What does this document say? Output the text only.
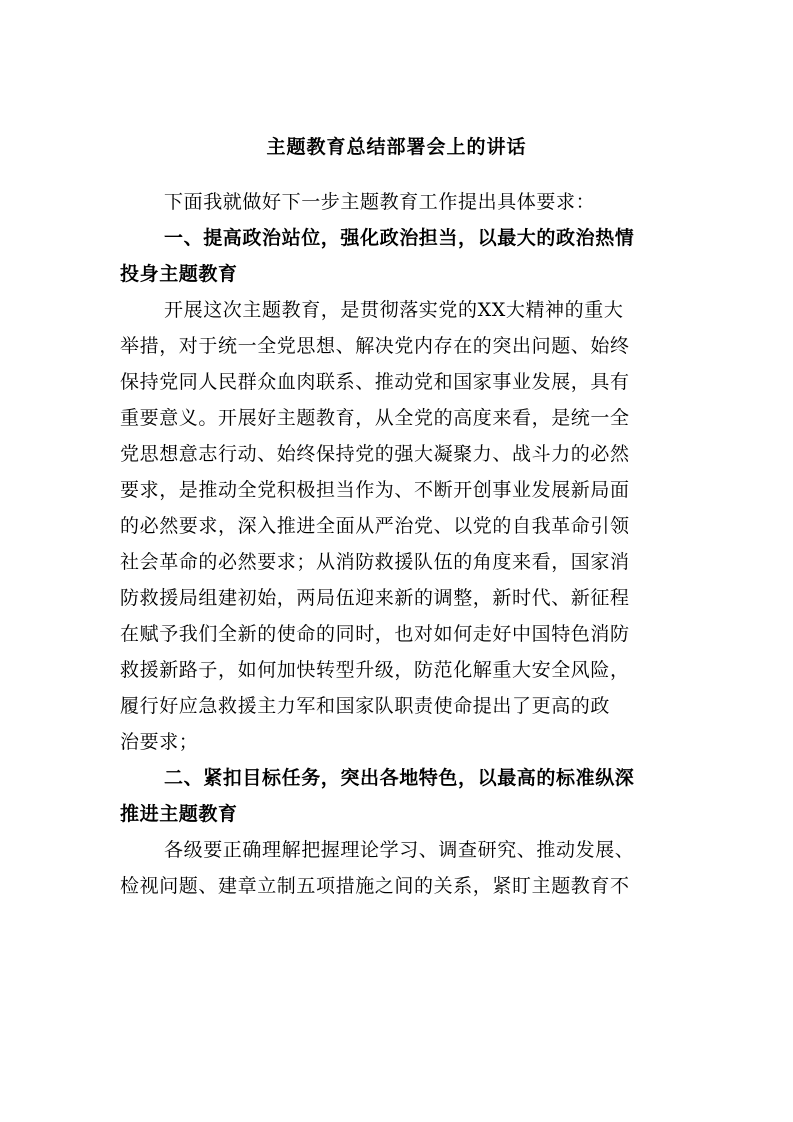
主题教育总结部署会上的讲话
下面我就做好下一步主题教育工作提出具体要求：
一、提高政治站位，强化政治担当，以最大的政治热情
投身主题教育
开展这次主题教育，是贯彻落实党的XX大精神的重大
举措，对于统一全党思想、解决党内存在的突出问题、始终
保持党同人民群众血肉联系、推动党和国家事业发展，具有
重要意义。开展好主题教育，从全党的高度来看，是统一全
党思想意志行动、始终保持党的强大凝聚力、战斗力的必然
要求，是推动全党积极担当作为、不断开创事业发展新局面
的必然要求，深入推进全面从严治党、以党的自我革命引领
社会革命的必然要求；从消防救援队伍的角度来看，国家消
防救援局组建初始，两局伍迎来新的调整，新时代、新征程
在赋予我们全新的使命的同时，也对如何走好中国特色消防
救援新路子，如何加快转型升级，防范化解重大安全风险，
履行好应急救援主力军和国家队职责使命提出了更高的政
治要求；
二、紧扣目标任务，突出各地特色，以最高的标准纵深
推进主题教育
各级要正确理解把握理论学习、调查研究、推动发展、
检视问题、建章立制五项措施之间的关系，紧盯主题教育不
